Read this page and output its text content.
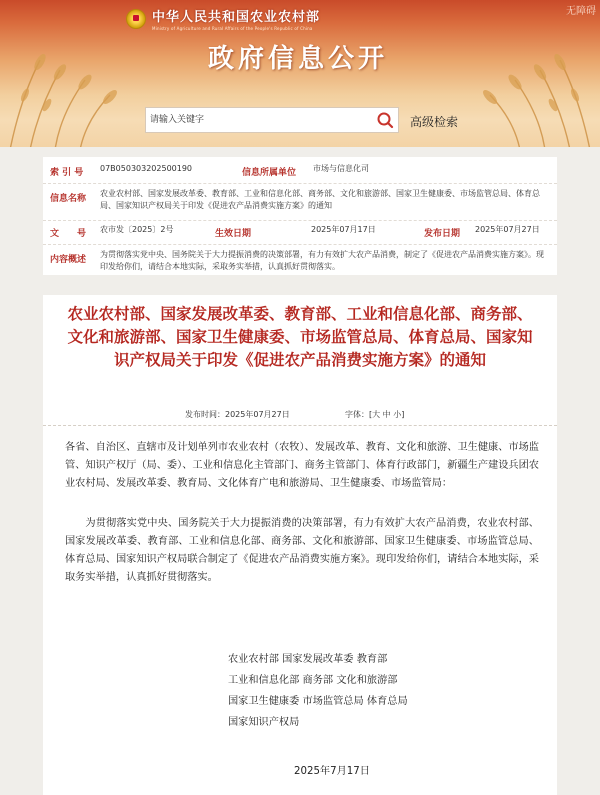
中华人民共和国农业农村部
Ministry of Agriculture and Rural Affairs of the People's Republic of China
无障碍
政府信息公开
请输入关键字
高级检索
索 引 号 07B050303202500190	信息所属单位 市场与信息化司
信息名称
农业农村部、国家发展改革委、教育部、工业和信息化部、商务部、文化和旅游部、国家卫生健康委、市场监管总局、体育总局、国家知识产权局关于印发《促进农产品消费实施方案》的通知
文　　号 农市发〔2025〕2号	生效日期	2025年07月17日	发布日期 2025年07月27日
内容概述
为贯彻落实党中央、国务院关于大力提振消费的决策部署，有力有效扩大农产品消费，制定了《促进农产品消费实施方案》。现印发给你们，请结合本地实际，采取务实举措，认真抓好贯彻落实。
农业农村部、国家发展改革委、教育部、工业和信息化部、商务部、文化和旅游部、国家卫生健康委、市场监管总局、体育总局、国家知识产权局关于印发《促进农产品消费实施方案》的通知
发布时间：2025年07月27日	字体：[大 中 小]
各省、自治区、直辖市及计划单列市农业农村（农牧）、发展改革、教育、文化和旅游、卫生健康、市场监管、知识产权厅（局、委）、工业和信息化主管部门、商务主管部门、体育行政部门，新疆生产建设兵团农业农村局、发展改革委、教育局、文化体育广电和旅游局、卫生健康委、市场监管局：
为贯彻落实党中央、国务院关于大力提振消费的决策部署，有力有效扩大农产品消费，农业农村部、国家发展改革委、教育部、工业和信息化部、商务部、文化和旅游部、国家卫生健康委、市场监管总局、体育总局、国家知识产权局联合制定了《促进农产品消费实施方案》。现印发给你们，请结合本地实际，采取务实举措，认真抓好贯彻落实。
农业农村部 国家发展改革委 教育部
工业和信息化部 商务部 文化和旅游部
国家卫生健康委 市场监管总局 体育总局
国家知识产权局
2025年7月17日
